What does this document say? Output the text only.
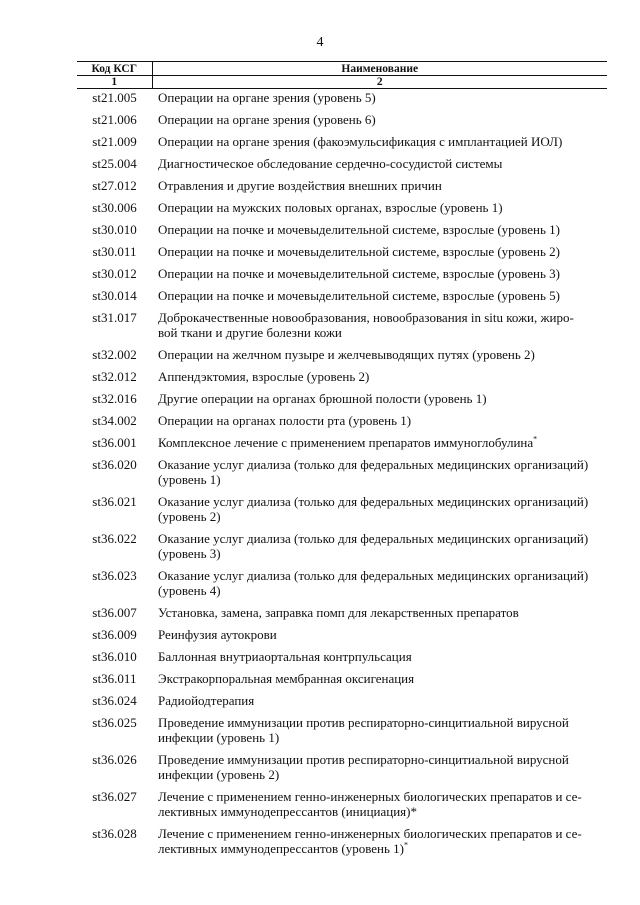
4
Код КСГ	Наименование
1	2
st21.005	Операции на органе зрения (уровень 5)
st21.006	Операции на органе зрения (уровень 6)
st21.009	Операции на органе зрения (факоэмульсификация с имплантацией ИОЛ)
st25.004	Диагностическое обследование сердечно-сосудистой системы
st27.012	Отравления и другие воздействия внешних причин
st30.006	Операции на мужских половых органах, взрослые (уровень 1)
st30.010	Операции на почке и мочевыделительной системе, взрослые (уровень 1)
st30.011	Операции на почке и мочевыделительной системе, взрослые (уровень 2)
st30.012	Операции на почке и мочевыделительной системе, взрослые (уровень 3)
st30.014	Операции на почке и мочевыделительной системе, взрослые (уровень 5)
st31.017	Доброкачественные новообразования, новообразования in situ кожи, жиро-
вой ткани и другие болезни кожи
st32.002	Операции на желчном пузыре и желчевыводящих путях (уровень 2)
st32.012	Аппендэктомия, взрослые (уровень 2)
st32.016	Другие операции на органах брюшной полости (уровень 1)
st34.002	Операции на органах полости рта (уровень 1)
st36.001	Комплексное лечение с применением препаратов иммуноглобулина*
st36.020	Оказание услуг диализа (только для федеральных медицинских организаций)
(уровень 1)
st36.021	Оказание услуг диализа (только для федеральных медицинских организаций)
(уровень 2)
st36.022	Оказание услуг диализа (только для федеральных медицинских организаций)
(уровень 3)
st36.023	Оказание услуг диализа (только для федеральных медицинских организаций)
(уровень 4)
st36.007	Установка, замена, заправка помп для лекарственных препаратов
st36.009	Реинфузия аутокрови
st36.010	Баллонная внутриаортальная контрпульсация
st36.011	Экстракорпоральная мембранная оксигенация
st36.024	Радиойодтерапия
st36.025	Проведение иммунизации против респираторно-синцитиальной вирусной
инфекции (уровень 1)
st36.026	Проведение иммунизации против респираторно-синцитиальной вирусной
инфекции (уровень 2)
st36.027	Лечение с применением генно-инженерных биологических препаратов и се-
лективных иммунодепрессантов (инициация)*
st36.028	Лечение с применением генно-инженерных биологических препаратов и се-
лективных иммунодепрессантов (уровень 1)*
